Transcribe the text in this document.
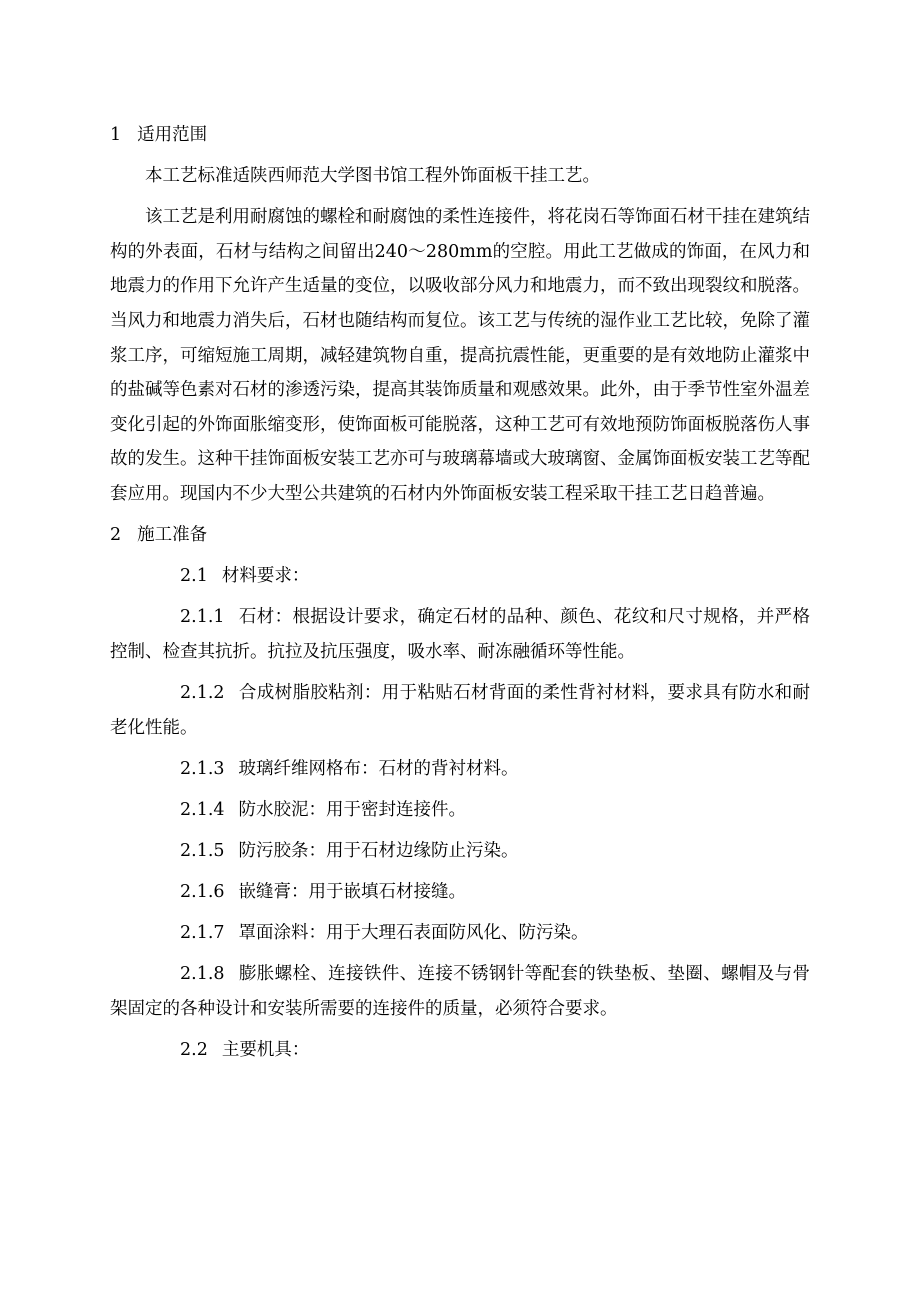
1 适用范围

本工艺标准适陕西师范大学图书馆工程外饰面板干挂工艺。

该工艺是利用耐腐蚀的螺栓和耐腐蚀的柔性连接件，将花岗石等饰面石材干挂在建筑结构的外表面，石材与结构之间留出240～280mm的空腔。用此工艺做成的饰面，在风力和地震力的作用下允许产生适量的变位，以吸收部分风力和地震力，而不致出现裂纹和脱落。当风力和地震力消失后，石材也随结构而复位。该工艺与传统的湿作业工艺比较，免除了灌浆工序，可缩短施工周期，减轻建筑物自重，提高抗震性能，更重要的是有效地防止灌浆中的盐碱等色素对石材的渗透污染，提高其装饰质量和观感效果。此外，由于季节性室外温差变化引起的外饰面胀缩变形，使饰面板可能脱落，这种工艺可有效地预防饰面板脱落伤人事故的发生。这种干挂饰面板安装工艺亦可与玻璃幕墙或大玻璃窗、金属饰面板安装工艺等配套应用。现国内不少大型公共建筑的石材内外饰面板安装工程采取干挂工艺日趋普遍。

2 施工准备

2.1 材料要求：

2.1.1 石材：根据设计要求，确定石材的品种、颜色、花纹和尺寸规格，并严格控制、检查其抗折。抗拉及抗压强度，吸水率、耐冻融循环等性能。

2.1.2 合成树脂胶粘剂：用于粘贴石材背面的柔性背衬材料，要求具有防水和耐老化性能。

2.1.3 玻璃纤维网格布：石材的背衬材料。

2.1.4 防水胶泥：用于密封连接件。

2.1.5 防污胶条：用于石材边缘防止污染。

2.1.6 嵌缝膏：用于嵌填石材接缝。

2.1.7 罩面涂料：用于大理石表面防风化、防污染。

2.1.8 膨胀螺栓、连接铁件、连接不锈钢针等配套的铁垫板、垫圈、螺帽及与骨架固定的各种设计和安装所需要的连接件的质量，必须符合要求。

2.2 主要机具：
